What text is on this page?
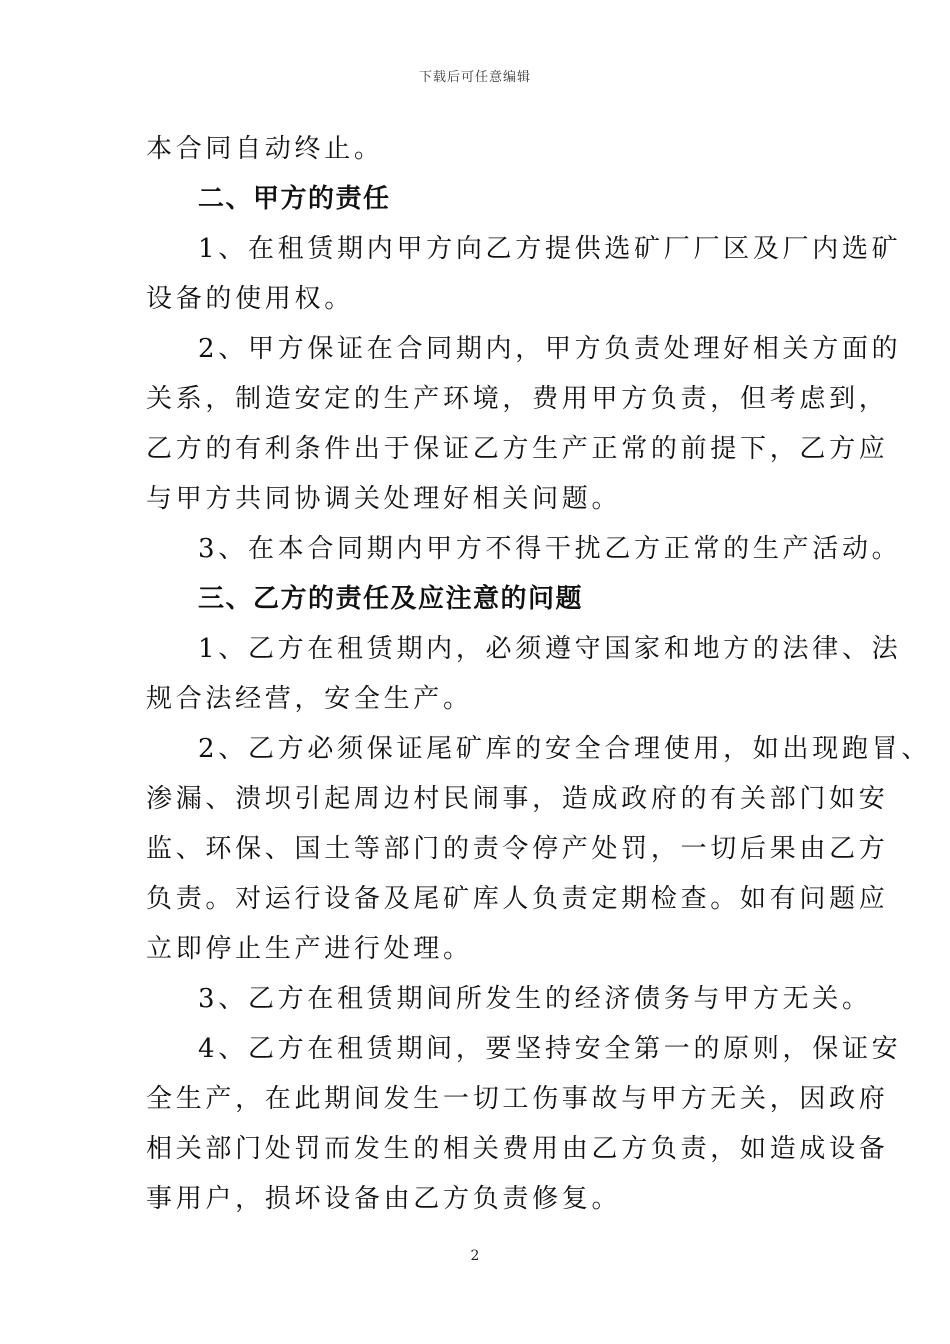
下载后可任意编辑
本合同自动终止。
二、甲方的责任
1、在租赁期内甲方向乙方提供选矿厂厂区及厂内选矿
设备的使用权。
2、甲方保证在合同期内，甲方负责处理好相关方面的
关系，制造安定的生产环境，费用甲方负责，但考虑到，
乙方的有利条件出于保证乙方生产正常的前提下，乙方应
与甲方共同协调关处理好相关问题。
3、在本合同期内甲方不得干扰乙方正常的生产活动。
三、乙方的责任及应注意的问题
1、乙方在租赁期内，必须遵守国家和地方的法律、法
规合法经营，安全生产。
2、乙方必须保证尾矿库的安全合理使用，如出现跑冒、
渗漏、溃坝引起周边村民闹事，造成政府的有关部门如安
监、环保、国土等部门的责令停产处罚，一切后果由乙方
负责。对运行设备及尾矿库人负责定期检查。如有问题应
立即停止生产进行处理。
3、乙方在租赁期间所发生的经济债务与甲方无关。
4、乙方在租赁期间，要坚持安全第一的原则，保证安
全生产，在此期间发生一切工伤事故与甲方无关，因政府
相关部门处罚而发生的相关费用由乙方负责，如造成设备
事用户，损坏设备由乙方负责修复。
2
